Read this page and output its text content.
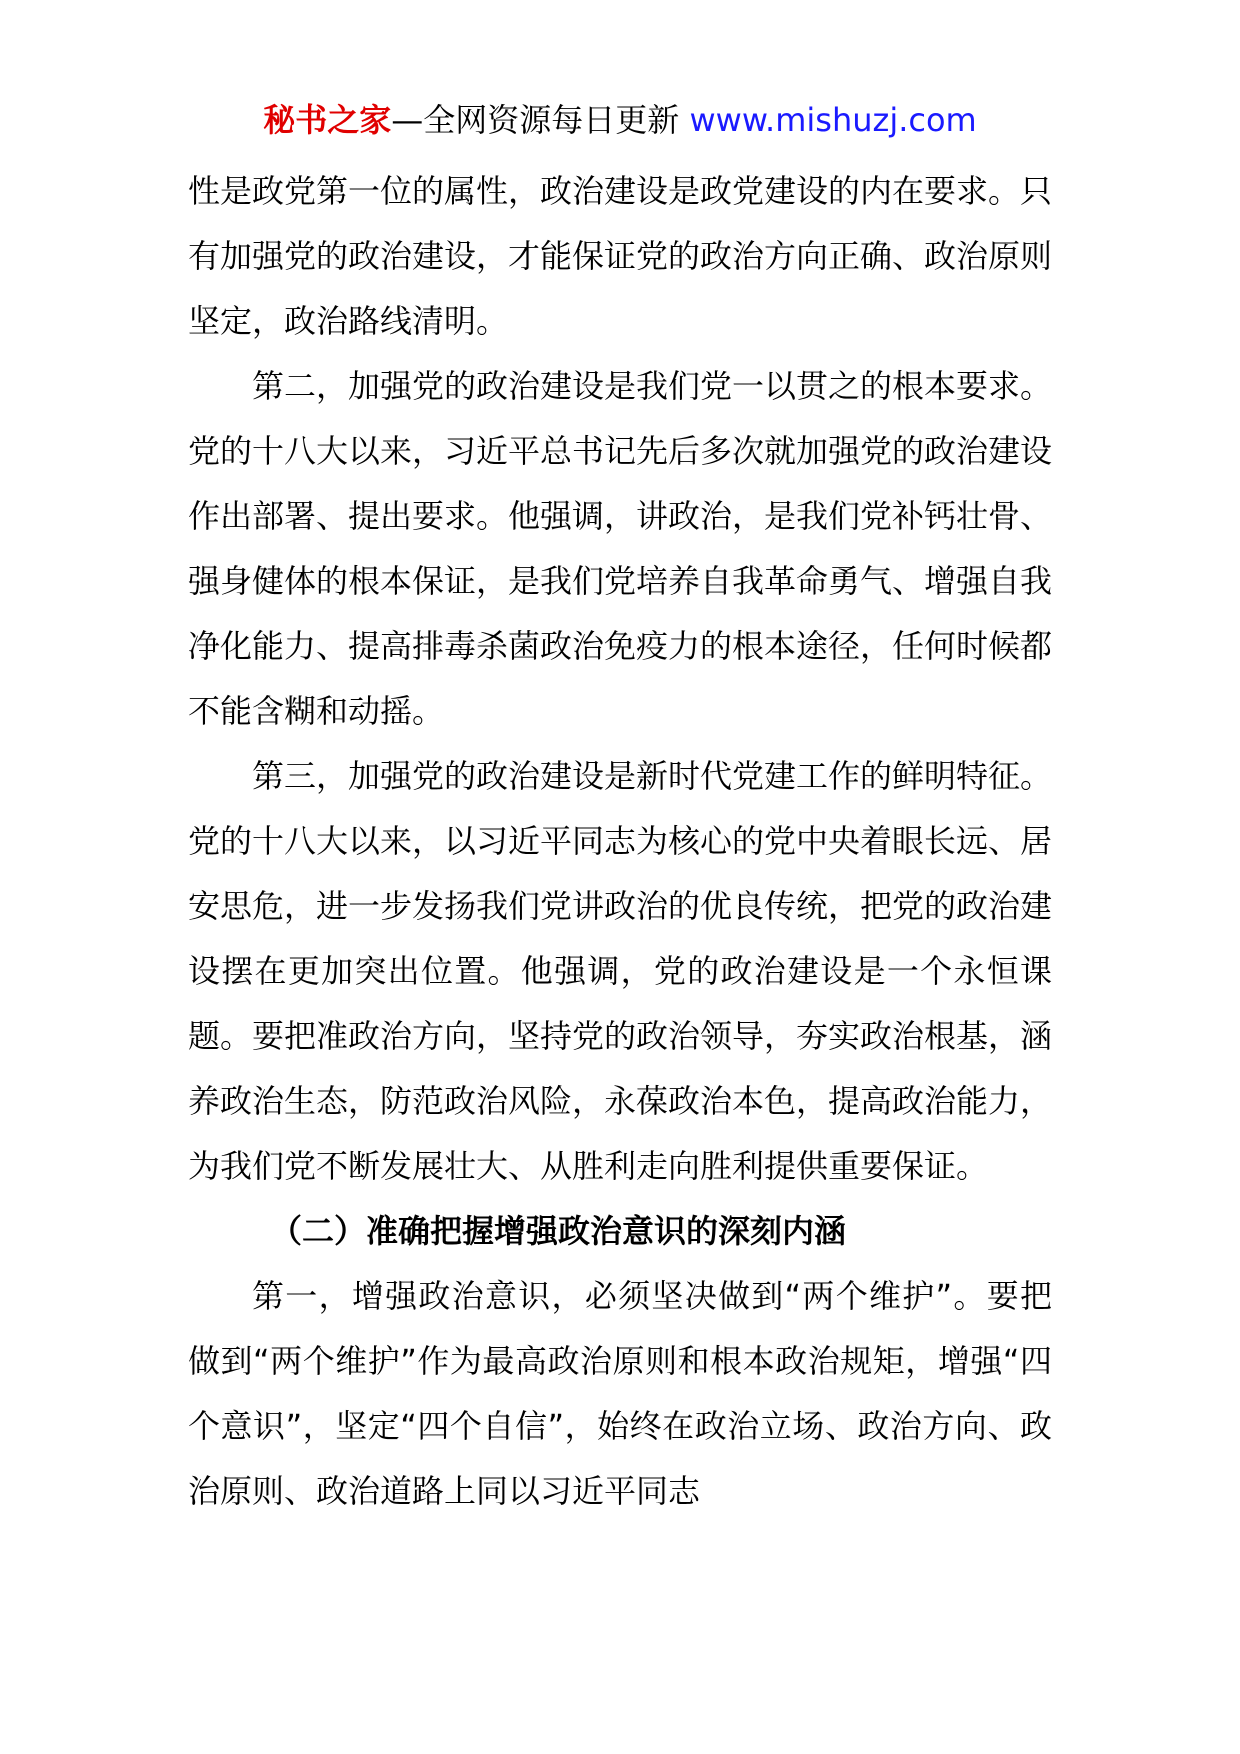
秘书之家—全网资源每日更新 www.mishuzj.com

性是政党第一位的属性，政治建设是政党建设的内在要求。只有加强党的政治建设，才能保证党的政治方向正确、政治原则坚定，政治路线清明。

第二，加强党的政治建设是我们党一以贯之的根本要求。党的十八大以来，习近平总书记先后多次就加强党的政治建设作出部署、提出要求。他强调，讲政治，是我们党补钙壮骨、强身健体的根本保证，是我们党培养自我革命勇气、增强自我净化能力、提高排毒杀菌政治免疫力的根本途径，任何时候都不能含糊和动摇。

第三，加强党的政治建设是新时代党建工作的鲜明特征。党的十八大以来，以习近平同志为核心的党中央着眼长远、居安思危，进一步发扬我们党讲政治的优良传统，把党的政治建设摆在更加突出位置。他强调，党的政治建设是一个永恒课题。要把准政治方向，坚持党的政治领导，夯实政治根基，涵养政治生态，防范政治风险，永葆政治本色，提高政治能力，为我们党不断发展壮大、从胜利走向胜利提供重要保证。

（二）准确把握增强政治意识的深刻内涵

第一，增强政治意识，必须坚决做到“两个维护”。要把做到“两个维护”作为最高政治原则和根本政治规矩，增强“四个意识”，坚定“四个自信”，始终在政治立场、政治方向、政治原则、政治道路上同以习近平同志
